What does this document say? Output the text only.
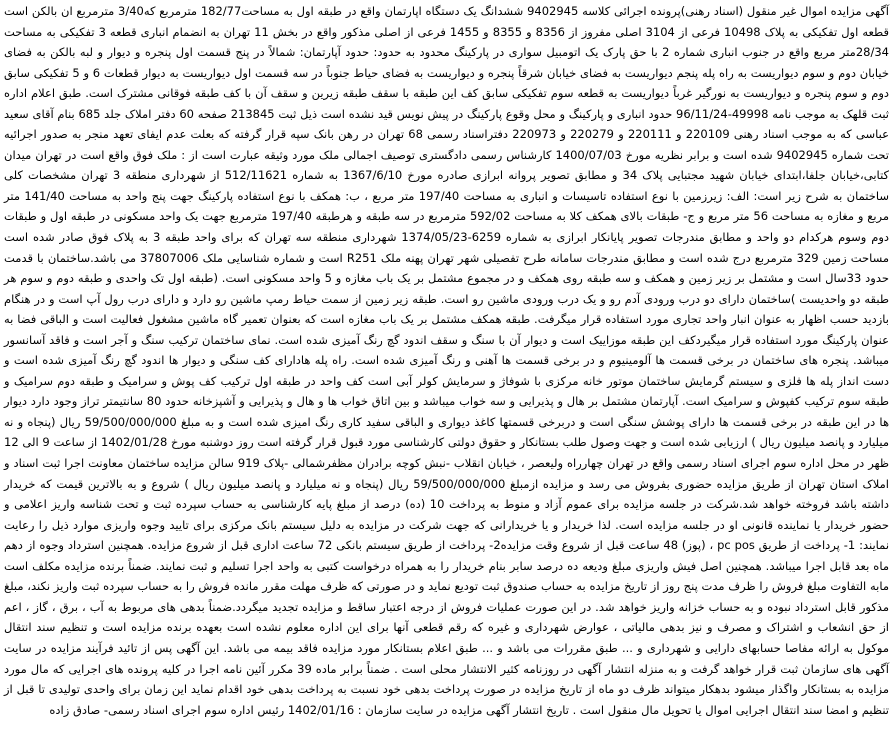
آگهی مزایده اموال غیر منقول (اسناد رهنی)پرونده اجرائی کلاسه 9402945 ششدانگ یک دستگاه اپارتمان واقع در طبقه اول به مساحت182/77 مترمربع که3/40 مترمربع ان بالکن است قطعه اول تفکیکی به پلاک 10498 فرعی از 3104 اصلی مفروز از 8356 و 8355 و 1455 فرعی از اصلی مذکور واقع در بخش 11 تهران به انضمام انباری قطعه 3 تفکیکی به مساحت 28/34متر مربع واقع در جنوب انباری شماره 2 با حق پارک یک اتومبیل سواری در پارکینگ محدود به حدود: حدود آپارتمان: شمالاً در پنج قسمت اول پنجره و دیوار و لبه بالکن به فضای خیابان دوم و سوم دیواریست به راه پله پنجم دیواریست به فضای خیابان شرقاً پنجره و دیواریست به فضای حیاط جنوباً در سه قسمت اول دیواریست به دیوار قطعات 6 و 5 تفکیکی سابق دوم و سوم پنجره و دیواریست به نورگیر غرباً دیواریست به قطعه سوم تفکیکی سابق کف این طبقه با سقف طبقه زیرین و سقف آن با کف طبقه فوقانی مشترک است. طبق اعلام اداره ثبت قلهک به موجب نامه 49998-96/11/24 حدود انباری و پارکینگ و محل وقوع پارکینگ در پیش نویس قید نشده است ذیل ثبت 213845 صفحه 60 دفتر املاک جلد 685 بنام آقای سعید عباسی که به موجب اسناد رهنی 220109 و 220111 و 220279 و 220973 دفتراسناد رسمی 68 تهران در رهن بانک سپه قرار گرفته که بعلت عدم ایفای تعهد منجر به صدور اجرائیه تحت شماره 9402945 شده است و برابر نظریه مورخ 1400/07/03 کارشناس رسمی دادگستری توصیف اجمالی ملک مورد وثیقه عبارت است از : ملک فوق واقع است در تهران میدان کتابی،خیابان جلفا،ابتدای خیابان شهید مجتبایی پلاک 34 و مطابق تصویر پروانه ابرازی صادره مورخ 1367/6/10 به شماره 512/11621 از شهرداری منطقه 3 تهران مشخصات کلی ساختمان به شرح زیر است: الف: زیرزمین با نوع استفاده تاسیسات و انباری به مساحت 197/40 متر مربع ، ب: همکف با نوع استفاده پارکینگ جهت پنج واحد به مساحت 141/40 متر مربع و مغازه به مساحت 56 متر مربع و ج- طبقات بالای همکف کلا به مساحت 592/02 مترمربع در سه طبقه و هرطبقه 197/40 مترمربع جهت یک واحد مسکونی در طبقه اول و طبقات دوم وسوم هرکدام دو واحد و مطابق مندرجات تصویر پایانکار ابرازی به شماره 6259-1374/05/23 شهرداری منطقه سه تهران که برای واحد طبقه 3 به پلاک فوق صادر شده است مساحت زمین 329 مترمربع درج شده است و مطابق مندرجات سامانه طرح تفصیلی شهر تهران پهنه ملک R251 است و شماره شناسایی ملک 37807006 می باشد.ساختمان با قدمت حدود 33سال است و مشتمل بر زیر زمین و همکف و سه طبقه روی همکف و در مجموع مشتمل بر یک باب مغازه و 5 واحد مسکونی است. (طبقه اول تک واحدی و طبقه دوم و سوم هر طبقه دو واحدیست )ساختمان دارای دو درب ورودی آدم رو و یک درب ورودی ماشین رو است. طبقه زیر زمین از سمت حیاط رمپ ماشین رو دارد و دارای درب رول آپ است و در هنگام بازدید حسب اظهار به عنوان انبار واحد تجاری مورد استفاده قرار میگرفت. طبقه همکف مشتمل بر یک باب مغازه است که بعنوان تعمیر گاه ماشین مشغول فعالیت است و الباقی فضا به عنوان پارکینگ مورد استفاده قرار میگیردکف این طبقه موزاییک است و دیوار آن با سنگ و سقف اندود گچ رنگ آمیزی شده است. نمای ساختمان ترکیب سنگ و آجر است و فاقد آسانسور میباشد. پنجره های ساختمان در برخی قسمت ها آلومینیوم و در برخی قسمت ها آهنی و رنگ آمیزی شده است. راه پله هادارای کف سنگی و دیوار ها اندود گچ رنگ آمیزی شده است و دست انداز پله ها فلزی و سیستم گرمایش ساختمان موتور خانه مرکزی با شوفاژ و سرمایش کولر آبی است کف واحد در طبقه اول ترکیب کف پوش و سرامیک و طبقه دوم سرامیک و طبقه سوم ترکیب کفپوش و سرامیک است. آپارتمان مشتمل بر هال و پذیرایی و سه خواب میباشد و بین اتاق خواب ها و هال و پذیرایی و آشپزخانه حدود 80 سانتیمتر تراز وجود دارد دیوار ها در این طبقه در برخی قسمت ها دارای پوشش سنگی است و دربرخی قسمتها کاغذ دیواری و الباقی سفید کاری رنگ امیزی شده است و به مبلغ 59/500/000/000 ریال (پنجاه و نه میلیارد و پانصد میلیون ریال ) ارزیابی شده است و جهت وصول طلب بستانکار و حقوق دولتی کارشناسی مورد قبول قرار گرفته است روز دوشنبه مورخ 1402/01/28 از ساعت 9 الی 12 ظهر در محل اداره سوم اجرای اسناد رسمی واقع در تهران چهارراه ولیعصر ، خیابان انقلاب -نبش کوچه برادران مظفرشمالی -پلاک 919 سالن مزایده ساختمان معاونت اجرا ثبت اسناد و املاک استان تهران از طریق مزایده حضوری بفروش می رسد و مزایده ازمبلغ 59/500/000/000 ریال (پنجاه و نه میلیارد و پانصد میلیون ریال ) شروع و به بالاترین قیمت که خریدار داشته باشد فروخته خواهد شد.شرکت در جلسه مزایده برای عموم آزاد و منوط به پرداخت 10 (ده) درصد از مبلغ پایه کارشناسی به حساب سپرده ثبت و تحت شناسه واریز اعلامی و حضور خریدار یا نماینده قانونی او در جلسه مزایده است. لذا خریدار و یا خریدارانی که جهت شرکت در مزایده به دلیل سیستم بانک مرکزی برای تایید وجوه واریزی موارد ذیل را رعایت نمایند: 1- پرداخت از طریق pc pos ، (پوز) 48 ساعت قبل از شروع وقت مزایده2- پرداخت از طریق سیستم بانکی 72 ساعت اداری قبل از شروع مزایده. همچنین استرداد وجوه از دهم ماه بعد قابل اجرا میباشد. همچنین اصل فیش واریزی مبلغ ودیعه ده درصد سابر بنام خریدار را به همراه درخواست کتبی به واحد اجرا تسلیم و ثبت نمایند. ضمناً برنده مزایده مکلف است مابه التفاوت مبلغ فروش را ظرف مدت پنج روز از تاریخ مزایده به حساب صندوق ثبت تودیع نماید و در صورتی که ظرف مهلت مقرر مانده فروش را به حساب سپرده ثبت واریز نکند، مبلغ مذکور قابل استرداد نبوده و به حساب خزانه واریز خواهد شد. در این صورت عملیات فروش از درجه اعتبار ساقط و مزایده تجدید میگردد.ضمناً بدهی های مربوط به آب ، برق ، گاز ، اعم از حق انشعاب و اشتراک و مصرف و نیز بدهی مالیاتی ، عوارض شهرداری و غیره که رقم قطعی آنها برای این اداره معلوم نشده است بعهده برنده مزایده است و تنظیم سند انتقال موکول به ارائه مفاصا حسابهای دارایی و شهرداری و ... طبق مقررات می باشد و ... طبق اعلام بستانکار مورد مزایده فاقد بیمه می باشد. این آگهی پس از تائید فرآیند مزایده در سایت آگهی های سازمان ثبت قرار خواهد گرفت و به منزله انتشار آگهی در روزنامه کثیر الانتشار محلی است . ضمناً برابر ماده 39 مکرر آئین نامه اجرا در کلیه پرونده های اجرایی که مال مورد مزایده به بستانکار واگذار میشود بدهکار میتواند ظرف دو ماه از تاریخ مزایده در صورت پرداخت بدهی خود نسبت به پرداخت بدهی خود اقدام نماید این زمان برای واحدی تولیدی تا قبل از تنظیم و امضا سند انتقال اجرایی اموال یا تحویل مال منقول است . تاریخ انتشار آگهی مزایده در سایت سازمان : 1402/01/16 رئیس اداره سوم اجرای اسناد رسمی- صادق زاده
